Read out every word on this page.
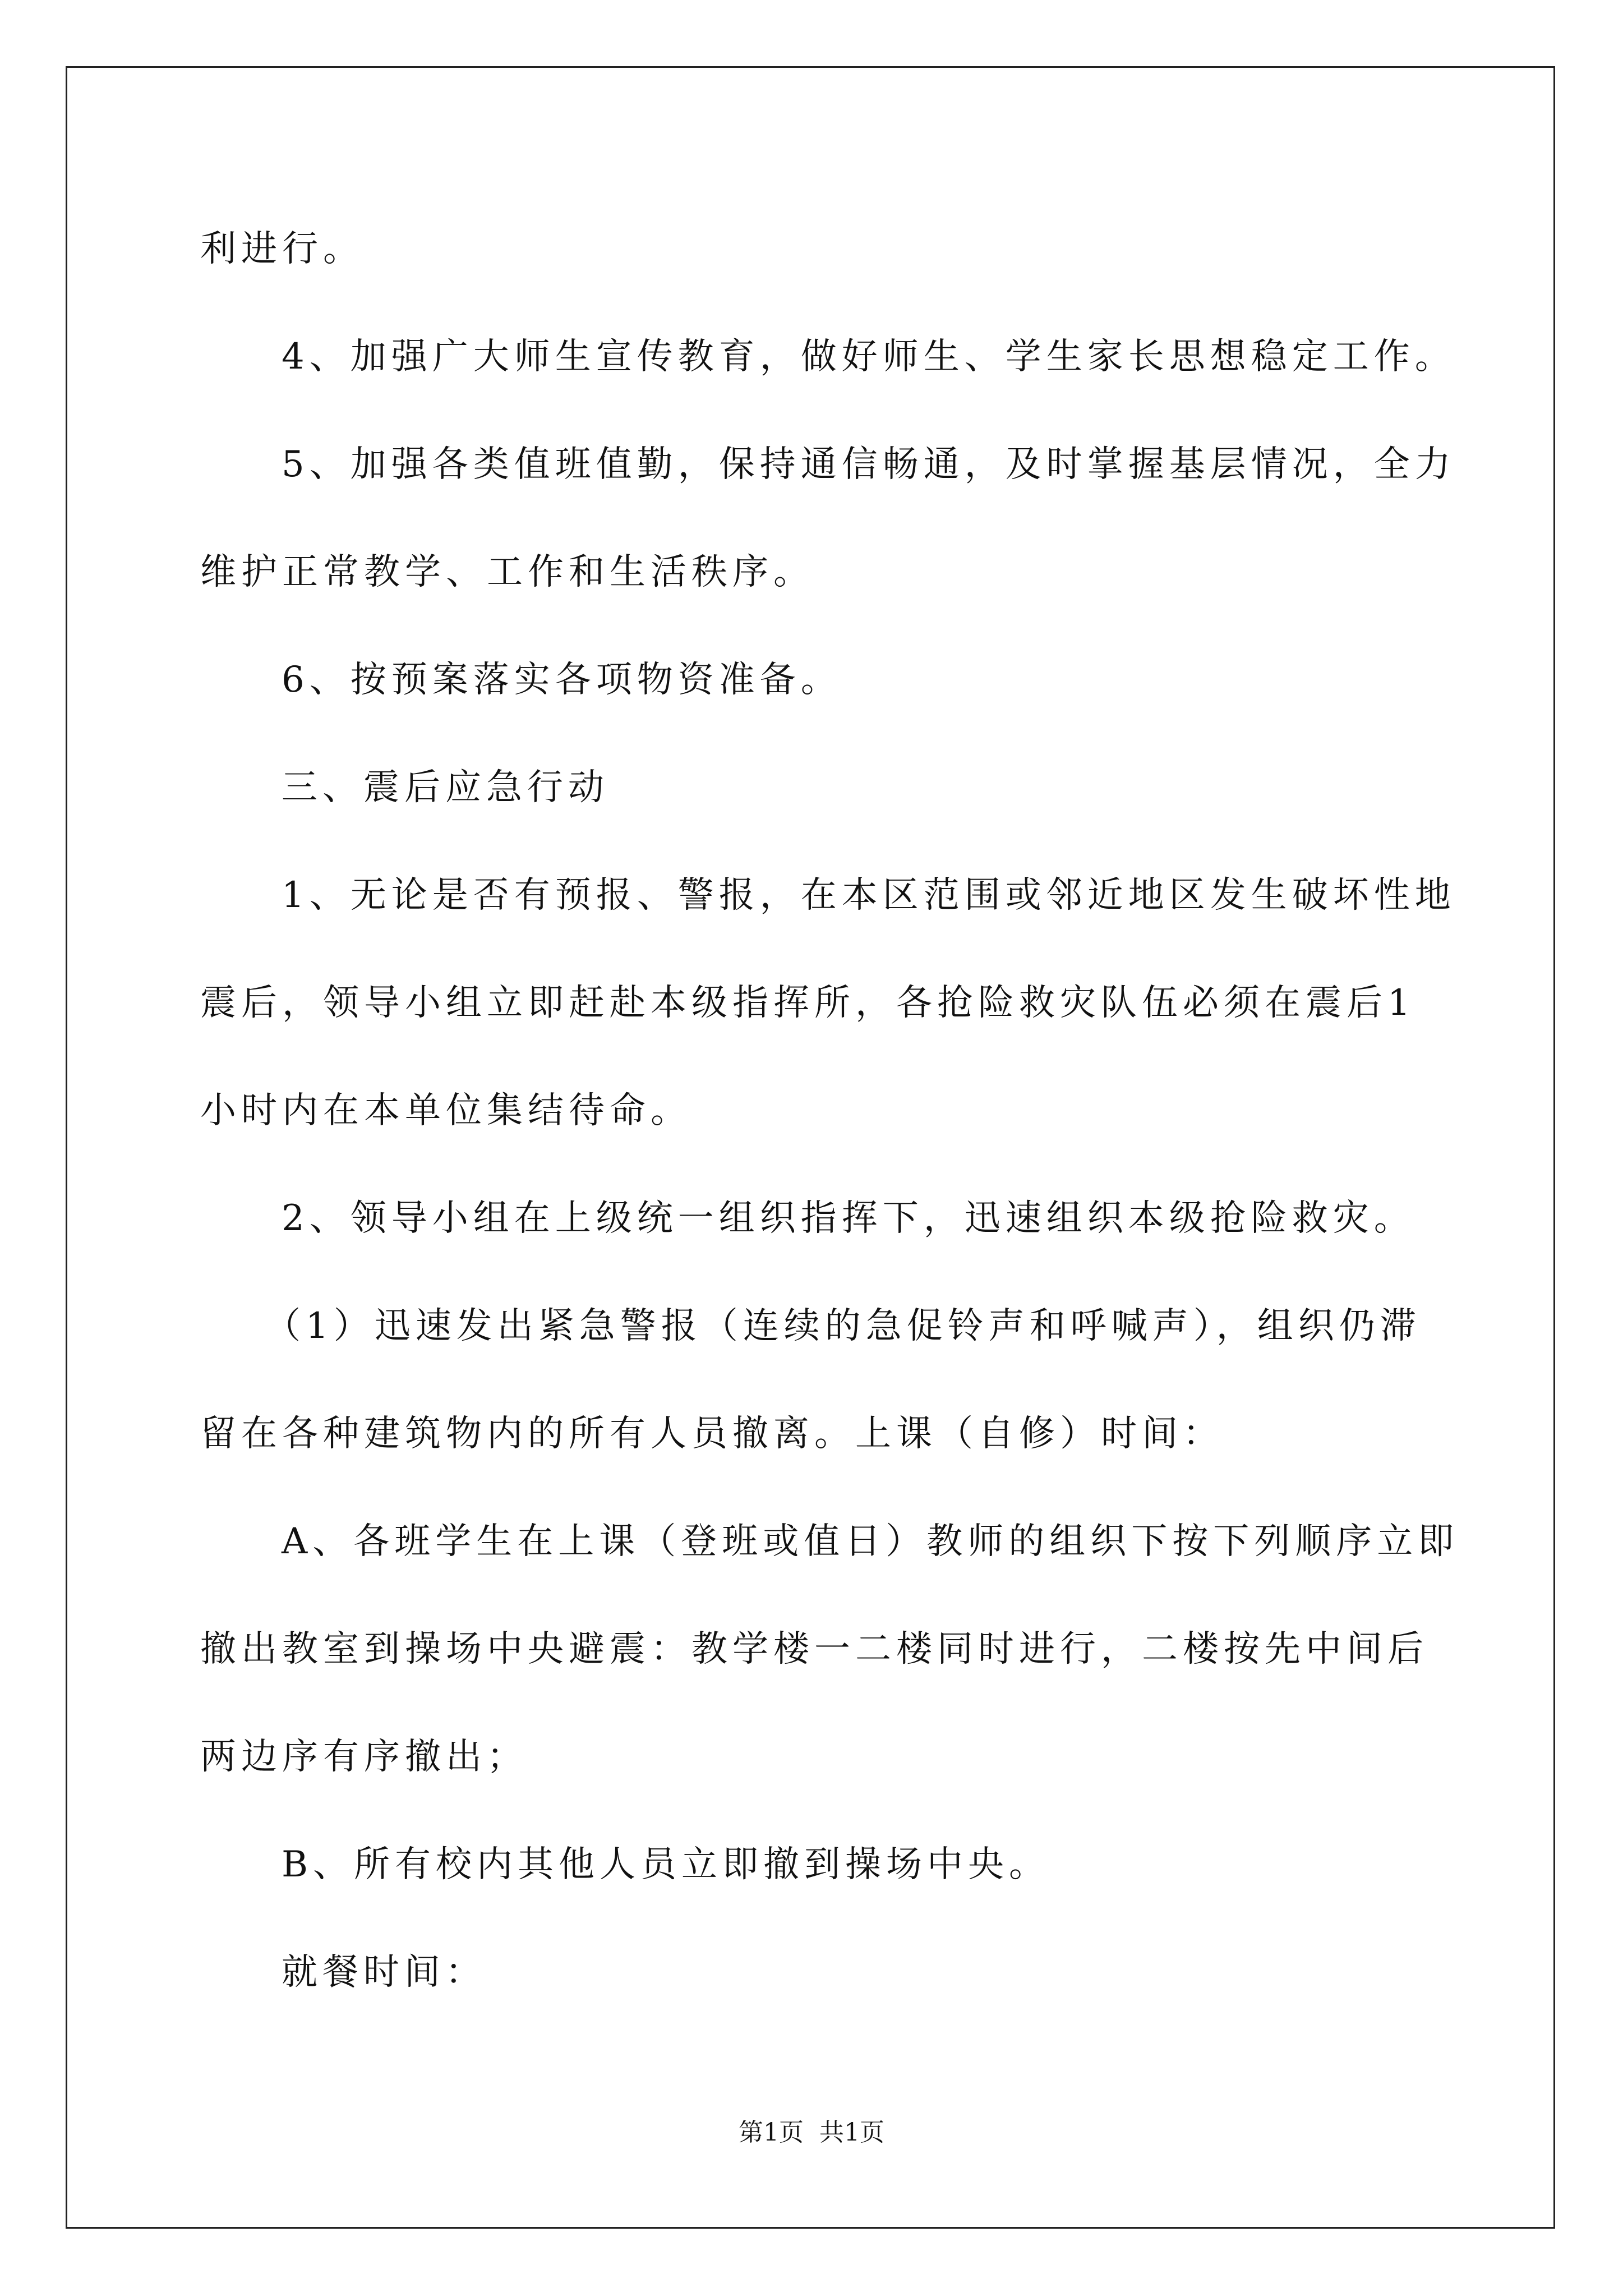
利进行。
4、加强广大师生宣传教育，做好师生、学生家长思想稳定工作。
5、加强各类值班值勤，保持通信畅通，及时掌握基层情况，全力
维护正常教学、工作和生活秩序。
6、按预案落实各项物资准备。
三、震后应急行动
1、无论是否有预报、警报，在本区范围或邻近地区发生破坏性地
震后，领导小组立即赶赴本级指挥所，各抢险救灾队伍必须在震后1
小时内在本单位集结待命。
2、领导小组在上级统一组织指挥下，迅速组织本级抢险救灾。
（1）迅速发出紧急警报（连续的急促铃声和呼喊声），组织仍滞
留在各种建筑物内的所有人员撤离。上课（自修）时间：
A、各班学生在上课（登班或值日）教师的组织下按下列顺序立即
撤出教室到操场中央避震：教学楼一二楼同时进行，二楼按先中间后
两边序有序撤出；
B、所有校内其他人员立即撤到操场中央。
就餐时间：
第1页  共1页
